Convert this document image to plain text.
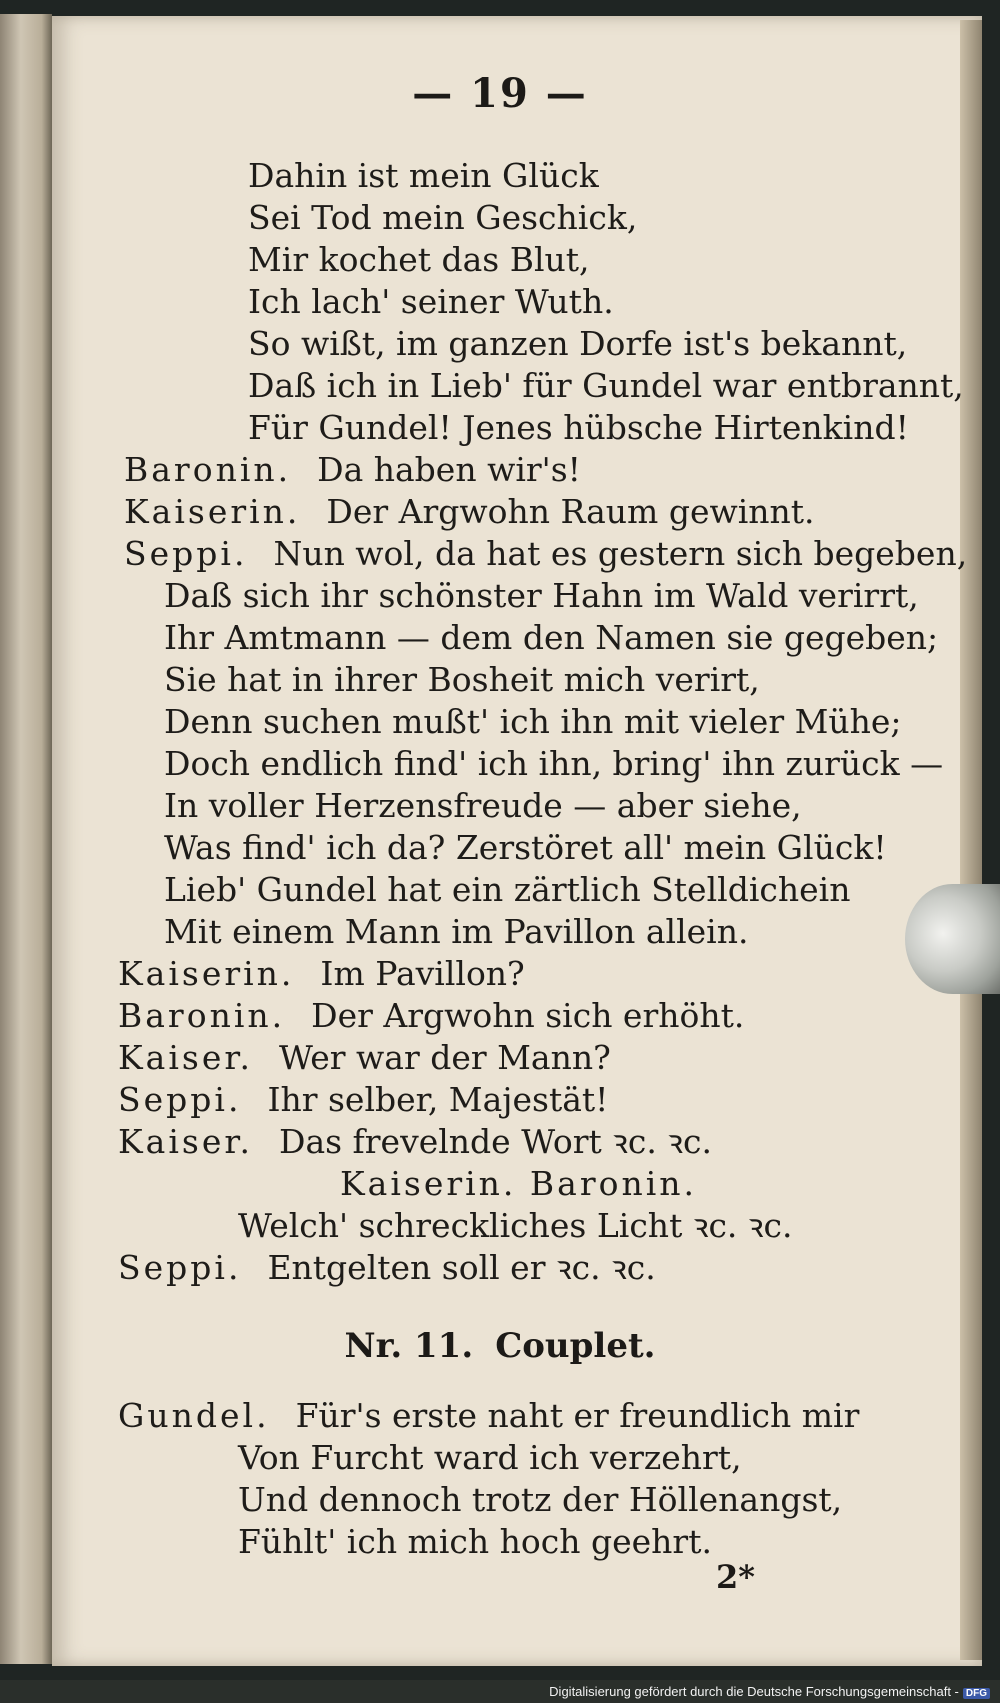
— 19 —
Dahin ist mein Glück
Sei Tod mein Geschick,
Mir kochet das Blut,
Ich lach' seiner Wuth.
So wißt, im ganzen Dorfe ist's bekannt,
Daß ich in Lieb' für Gundel war entbrannt,
Für Gundel! Jenes hübsche Hirtenkind!
Baronin. Da haben wir's!
Kaiserin. Der Argwohn Raum gewinnt.
Seppi. Nun wol, da hat es gestern sich begeben,
Daß sich ihr schönster Hahn im Wald verirrt,
Ihr Amtmann — dem den Namen sie gegeben;
Sie hat in ihrer Bosheit mich verirt,
Denn suchen mußt' ich ihn mit vieler Mühe;
Doch endlich find' ich ihn, bring' ihn zurück —
In voller Herzensfreude — aber siehe,
Was find' ich da? Zerstöret all' mein Glück!
Lieb' Gundel hat ein zärtlich Stelldichein
Mit einem Mann im Pavillon allein.
Kaiserin. Im Pavillon?
Baronin. Der Argwohn sich erhöht.
Kaiser. Wer war der Mann?
Seppi. Ihr selber, Majestät!
Kaiser. Das frevelnde Wort ꝛc. ꝛc.
Kaiserin. Baronin.
Welch' schreckliches Licht ꝛc. ꝛc.
Seppi. Entgelten soll er ꝛc. ꝛc.
Nr. 11. Couplet.
Gundel. Für's erste naht er freundlich mir
Von Furcht ward ich verzehrt,
Und dennoch trotz der Höllenangst,
Fühlt' ich mich hoch geehrt.
2*
Digitalisierung gefördert durch die Deutsche Forschungsgemeinschaft - DFG
